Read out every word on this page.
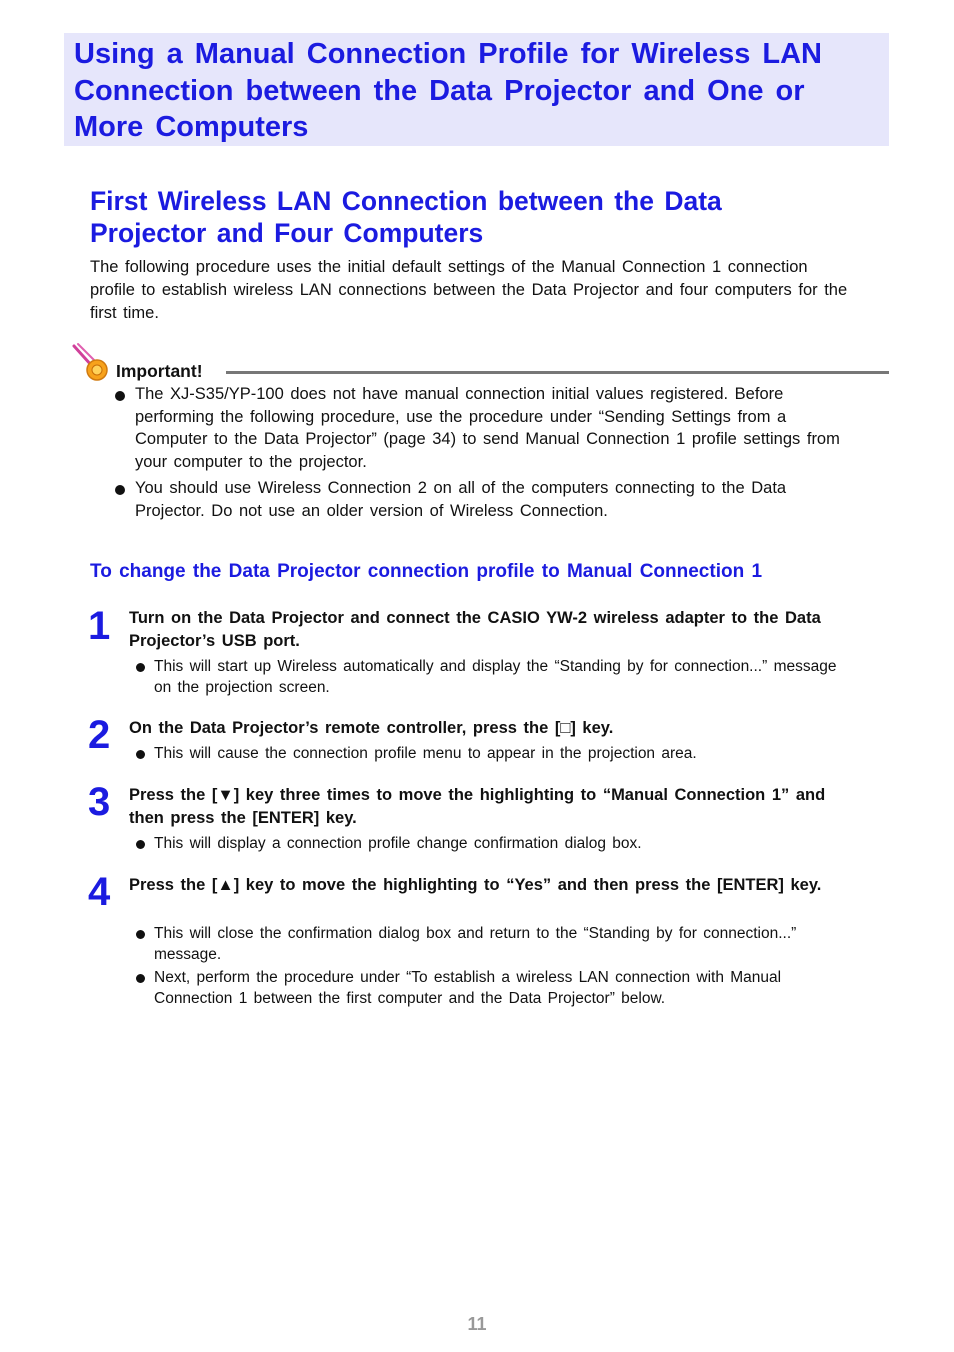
Using a Manual Connection Profile for Wireless LAN Connection between the Data Projector and One or More Computers
First Wireless LAN Connection between the Data Projector and Four Computers

The following procedure uses the initial default settings of the Manual Connection 1 connection profile to establish wireless LAN connections between the Data Projector and four computers for the first time.

Important!
The XJ-S35/YP-100 does not have manual connection initial values registered. Before performing the following procedure, use the procedure under “Sending Settings from a Computer to the Data Projector” (page 34) to send Manual Connection 1 profile settings from your computer to the projector.
You should use Wireless Connection 2 on all of the computers connecting to the Data Projector. Do not use an older version of Wireless Connection.
To change the Data Projector connection profile to Manual Connection 1
1 Turn on the Data Projector and connect the CASIO YW-2 wireless adapter to the Data Projector’s USB port.

This will start up Wireless automatically and display the “Standing by for connection...” message on the projection screen.
2 On the Data Projector’s remote controller, press the [□] key.

This will cause the connection profile menu to appear in the projection area.
3 Press the [▼] key three times to move the highlighting to “Manual Connection 1” and then press the [ENTER] key.

This will display a connection profile change confirmation dialog box.
4 Press the [▲] key to move the highlighting to “Yes” and then press the [ENTER] key.

This will close the confirmation dialog box and return to the “Standing by for connection...” message.
Next, perform the procedure under “To establish a wireless LAN connection with Manual Connection 1 between the first computer and the Data Projector” below.
11
